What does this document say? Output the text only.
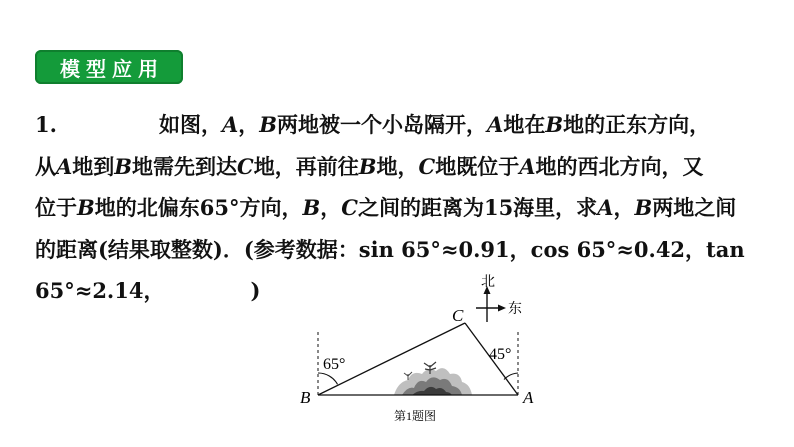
模型应用
1.	如图，A，B两地被一个小岛隔开，A地在B地的正东方向，
从A地到B地需先到达C地，再前往B地，C地既位于A地的西北方向，又
位于B地的北偏东65°方向，B，C之间的距离为15海里，求A，B两地之间
的距离(结果取整数)．(参考数据：sin 65°≈0.91，cos 65°≈0.42，tan
65°≈2.14，	)	北
东
65°
45°
B	A
C
第1题图
